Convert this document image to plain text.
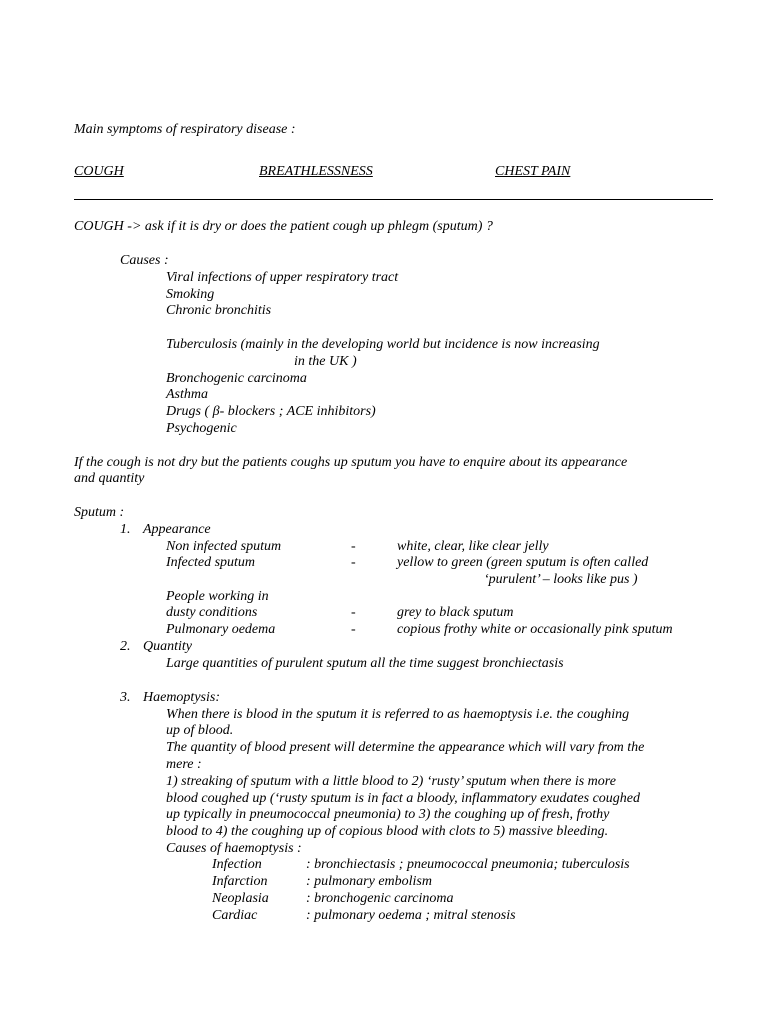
Main symptoms of respiratory disease :
COUGH	BREATHLESSNESS	CHEST PAIN
COUGH -> ask if it is dry or does the patient cough up phlegm (sputum) ?
Causes :
Viral infections of upper respiratory tract
Smoking
Chronic bronchitis
Tuberculosis (mainly in the developing world but incidence is now increasing
in the UK )
Bronchogenic carcinoma
Asthma
Drugs ( β- blockers ; ACE inhibitors)
Psychogenic
If the cough is not dry but the patients coughs up sputum you have to enquire about its appearance
and quantity
Sputum :
1. Appearance
Non infected sputum	-	white, clear, like clear jelly
Infected sputum	-	yellow to green (green sputum is often called
‘purulent’ – looks like pus )
People working in
dusty conditions	-	grey to black sputum
Pulmonary oedema	-	copious frothy white or occasionally pink sputum
2. Quantity
Large quantities of purulent sputum all the time suggest bronchiectasis
3. Haemoptysis:
When there is blood in the sputum it is referred to as haemoptysis i.e. the coughing
up of blood.
The quantity of blood present will determine the appearance which will vary from the
mere :
1) streaking of sputum with a little blood to 2) ‘rusty’ sputum when there is more
blood coughed up (‘rusty sputum is in fact a bloody, inflammatory exudates coughed
up typically in pneumococcal pneumonia) to 3) the coughing up of fresh, frothy
blood to 4) the coughing up of copious blood with clots to 5) massive bleeding.
Causes of haemoptysis :
Infection	: bronchiectasis ; pneumococcal pneumonia; tuberculosis
Infarction	: pulmonary embolism
Neoplasia	: bronchogenic carcinoma
Cardiac	: pulmonary oedema ; mitral stenosis
